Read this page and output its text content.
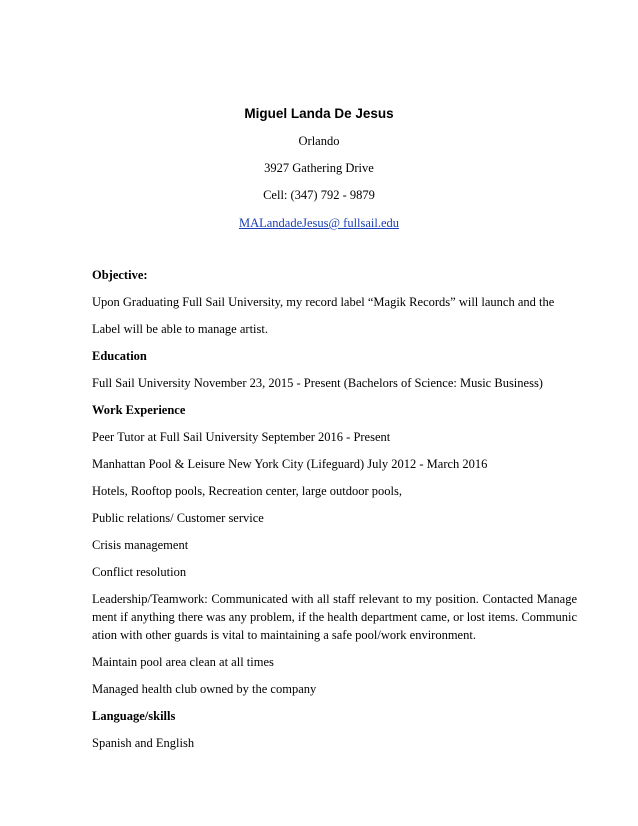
Miguel Landa De Jesus
Orlando
3927 Gathering Drive
Cell: (347) 792 - 9879
MALandadeJesus@ fullsail.edu
Objective:
Upon Graduating Full Sail University, my record label “Magik Records” will launch and the
Label will be able to manage artist.
Education
Full Sail University November 23, 2015 - Present (Bachelors of Science: Music Business)
Work Experience
Peer Tutor at Full Sail University September 2016 - Present
Manhattan Pool & Leisure New York City (Lifeguard) July 2012 - March 2016
Hotels, Rooftop pools, Recreation center, large outdoor pools,
Public relations/ Customer service
Crisis management
Conflict resolution
Leadership/Teamwork: Communicated with all staff relevant to my position. Contacted Manage
ment if anything there was any problem, if the health department came, or lost items. Communic
ation with other guards is vital to maintaining a safe pool/work environment.
Maintain pool area clean at all times
Managed health club owned by the company
Language/skills
Spanish and English
